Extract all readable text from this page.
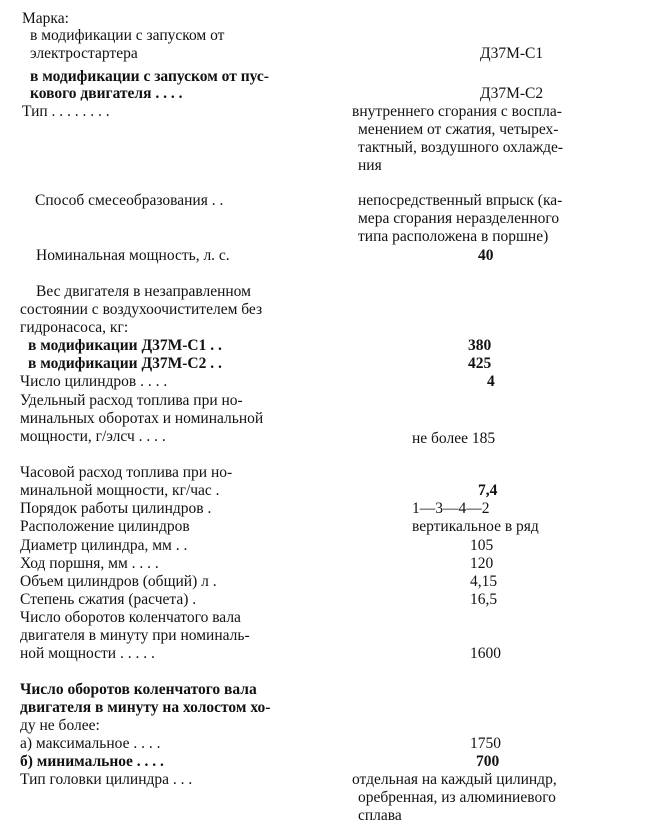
Марка:
в модификации с запуском от
электростартера	Д37М-С1
в модификации с запуском от пус-
кового двигателя . . . .	Д37М-С2
Тип . . . . . . . .	внутреннего сгорания с воспла-
менением от сжатия, четырех-
тактный, воздушного охлажде-
ния
Способ смесеобразования . .	непосредственный впрыск (ка-
мера сгорания неразделенного
типа расположена в поршне)
Номинальная мощность, л. с.	40
Вес двигателя в незаправленном
состоянии с воздухоочистителем без
гидронасоса, кг:
в модификации Д37М-С1 . .	380
в модификации Д37М-С2 . .	425
Число цилиндров . . . .	4
Удельный расход топлива при но-
минальных оборотах и номинальной
мощности, г/элсч . . . .	не более 185
Часовой расход топлива при но-
минальной мощности, кг/час .	7,4
Порядок работы цилиндров .	1—3—4—2
Расположение цилиндров	вертикальное в ряд
Диаметр цилиндра, мм . .	105
Ход поршня, мм . . . .	120
Объем цилиндров (общий) л .	4,15
Степень сжатия (расчета) .	16,5
Число оборотов коленчатого вала
двигателя в минуту при номиналь-
ной мощности . . . . .	1600
Число оборотов коленчатого вала
двигателя в минуту на холостом хо-
ду не более:
а) максимальное . . . .	1750
б) минимальное . . . .	700
Тип головки цилиндра . . .	отдельная на каждый цилиндр,
оребренная, из алюминиевого
сплава
